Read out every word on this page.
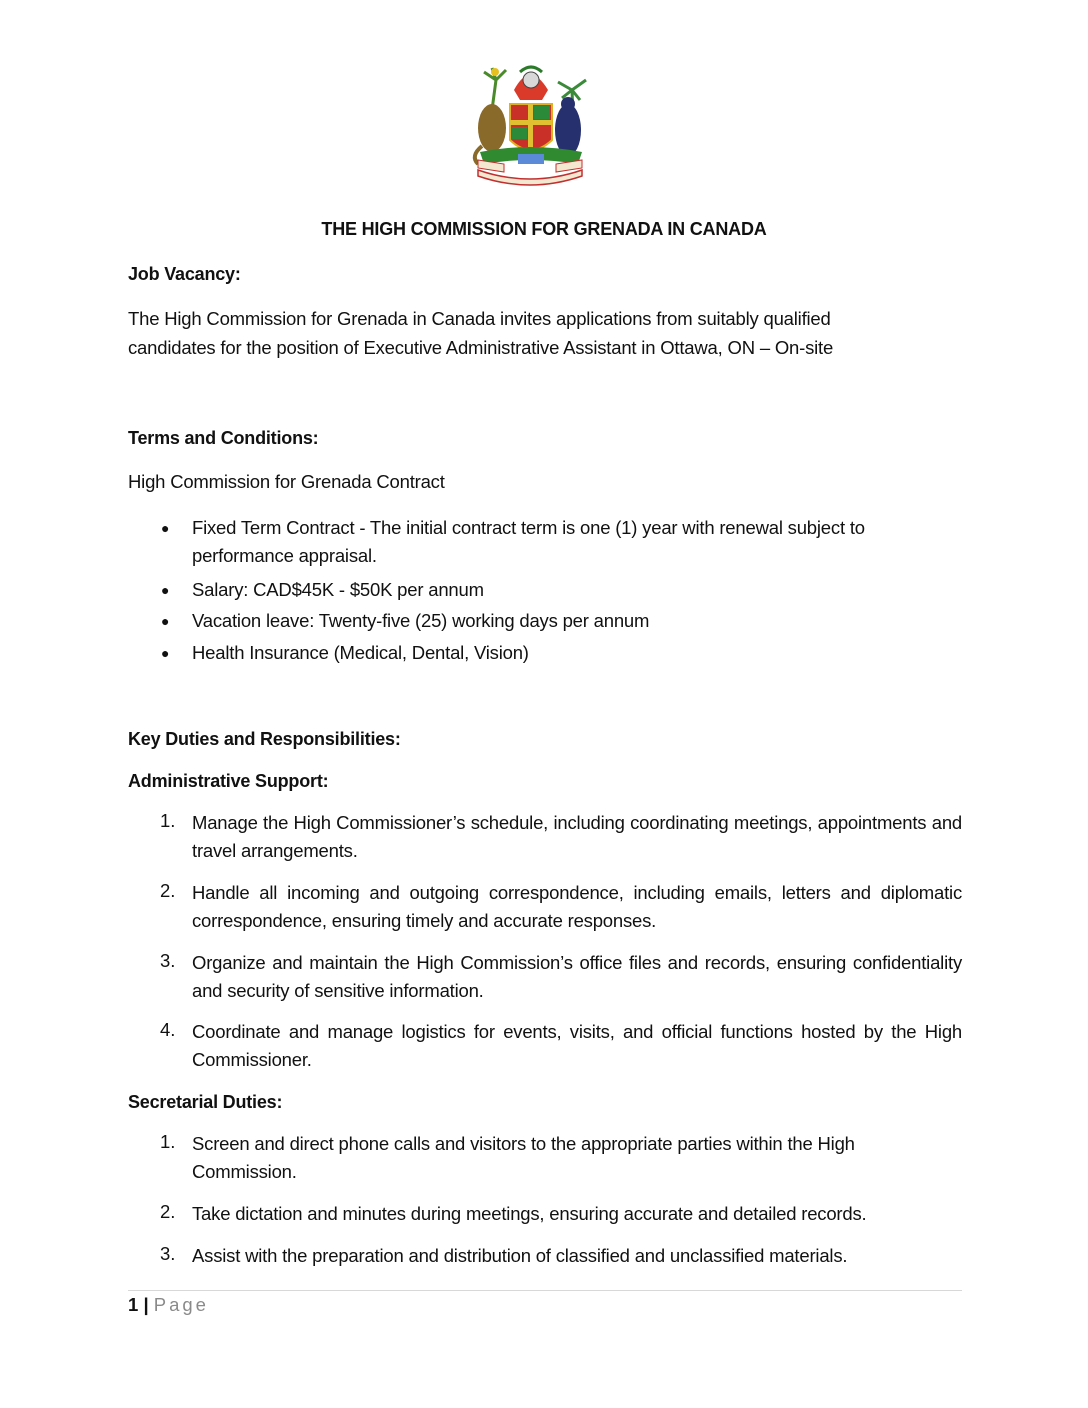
THE HIGH COMMISSION FOR GRENADA IN CANADA
Job Vacancy:
The High Commission for Grenada in Canada invites applications from suitably qualified
candidates for the position of Executive Administrative Assistant in Ottawa, ON – On-site
Terms and Conditions:
High Commission for Grenada Contract
● Fixed Term Contract - The initial contract term is one (1) year with renewal subject to performance appraisal.
● Salary: CAD$45K - $50K per annum
● Vacation leave: Twenty-five (25) working days per annum
● Health Insurance (Medical, Dental, Vision)
Key Duties and Responsibilities:
Administrative Support:
1. Manage the High Commissioner’s schedule, including coordinating meetings, appointments and travel arrangements.
2. Handle all incoming and outgoing correspondence, including emails, letters and diplomatic correspondence, ensuring timely and accurate responses.
3. Organize and maintain the High Commission’s office files and records, ensuring confidentiality and security of sensitive information.
4. Coordinate and manage logistics for events, visits, and official functions hosted by the High Commissioner.
Secretarial Duties:
1. Screen and direct phone calls and visitors to the appropriate parties within the High Commission.
2. Take dictation and minutes during meetings, ensuring accurate and detailed records.
3. Assist with the preparation and distribution of classified and unclassified materials.
1 | Page
